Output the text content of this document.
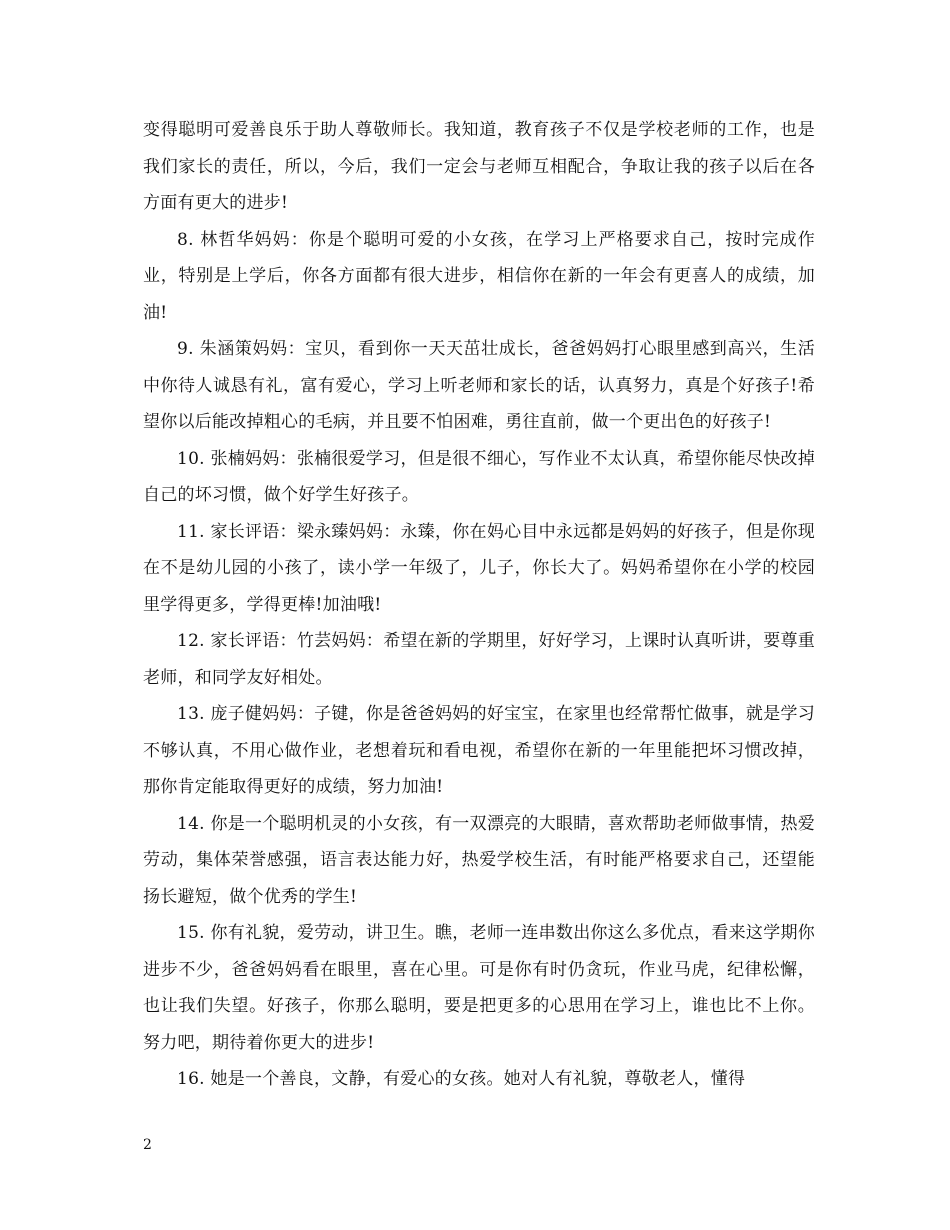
变得聪明可爱善良乐于助人尊敬师长。我知道，教育孩子不仅是学校老师的工作，也是我们家长的责任，所以，今后，我们一定会与老师互相配合，争取让我的孩子以后在各方面有更大的进步!

8. 林哲华妈妈：你是个聪明可爱的小女孩，在学习上严格要求自己，按时完成作业，特别是上学后，你各方面都有很大进步，相信你在新的一年会有更喜人的成绩，加油!

9. 朱涵策妈妈：宝贝，看到你一天天茁壮成长，爸爸妈妈打心眼里感到高兴，生活中你待人诚恳有礼，富有爱心，学习上听老师和家长的话，认真努力，真是个好孩子!希望你以后能改掉粗心的毛病，并且要不怕困难，勇往直前，做一个更出色的好孩子!

10. 张楠妈妈：张楠很爱学习，但是很不细心，写作业不太认真，希望你能尽快改掉自己的坏习惯，做个好学生好孩子。

11. 家长评语：梁永臻妈妈：永臻，你在妈心目中永远都是妈妈的好孩子，但是你现在不是幼儿园的小孩了，读小学一年级了，儿子，你长大了。妈妈希望你在小学的校园里学得更多，学得更棒!加油哦!

12. 家长评语：竹芸妈妈：希望在新的学期里，好好学习，上课时认真听讲，要尊重老师，和同学友好相处。

13. 庞子健妈妈：子键，你是爸爸妈妈的好宝宝，在家里也经常帮忙做事，就是学习不够认真，不用心做作业，老想着玩和看电视，希望你在新的一年里能把坏习惯改掉，那你肯定能取得更好的成绩，努力加油!

14. 你是一个聪明机灵的小女孩，有一双漂亮的大眼睛，喜欢帮助老师做事情，热爱劳动，集体荣誉感强，语言表达能力好，热爱学校生活，有时能严格要求自己，还望能扬长避短，做个优秀的学生!

15. 你有礼貌，爱劳动，讲卫生。瞧，老师一连串数出你这么多优点，看来这学期你进步不少，爸爸妈妈看在眼里，喜在心里。可是你有时仍贪玩，作业马虎，纪律松懈，也让我们失望。好孩子，你那么聪明，要是把更多的心思用在学习上，谁也比不上你。努力吧，期待着你更大的进步!

16. 她是一个善良，文静，有爱心的女孩。她对人有礼貌，尊敬老人，懂得

2
